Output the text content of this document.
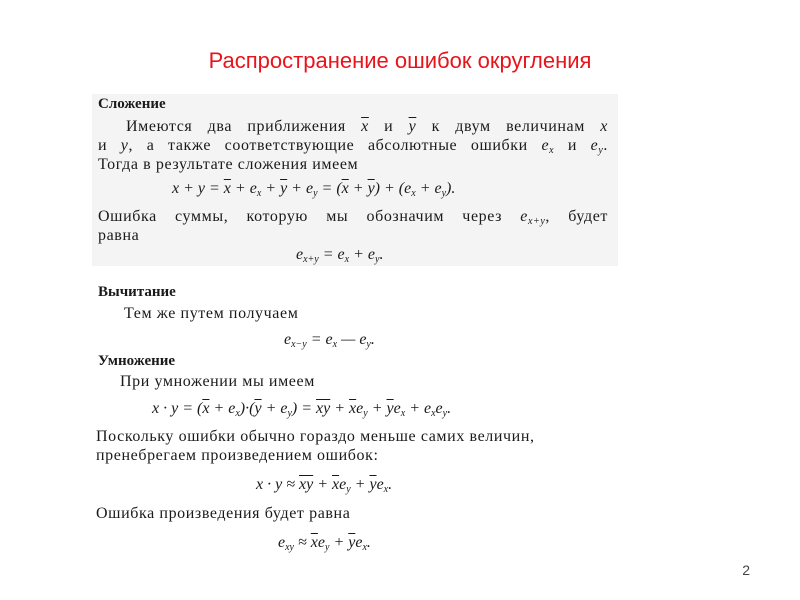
Распространение ошибок округления
Сложение
Имеются два приближения $\overline{x}$ и $\overline{y}$ к двум величинам x
и y, а также соответствующие абсолютные ошибки $e_x$ и $e_y$.
Тогда в результате сложения имеем
$x + y = \overline{x} + e_x + \overline{y} + e_y = (\overline{x} + \overline{y}) + (e_x + e_y)$.
Ошибка суммы, которую мы обозначим через $e_{x+y}$, будет
равна
$e_{x+y} = e_x + e_y$.
Вычитание
Тем же путем получаем
$e_{x-y} = e_x$ — $e_y$.
Умножение
При умножении мы имеем
$x \cdot y = (\overline{x} + e_x)\cdot(\overline{y} + e_y) = \overline{xy} + \overline{x}e_y + \overline{y}e_x + e_xe_y$.
Поскольку ошибки обычно гораздо меньше самих величин,
пренебрегаем произведением ошибок:
$x \cdot y \approx \overline{xy} + \overline{x}e_y + \overline{y}e_x$.
Ошибка произведения будет равна
$e_{xy} \approx \overline{x}e_y + \overline{y}e_x$.
2
